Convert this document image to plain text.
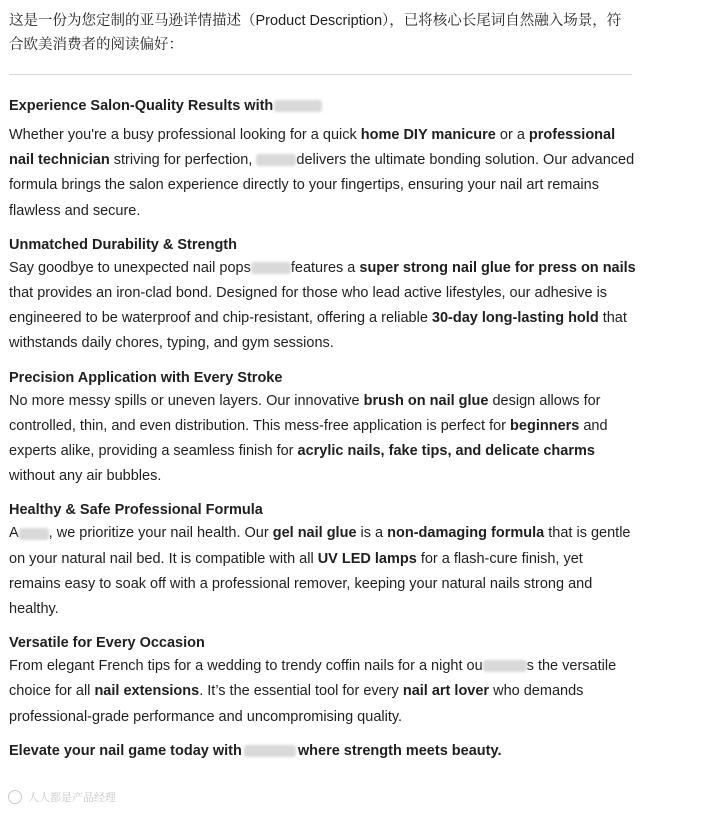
这是一份为您定制的亚马逊详情描述（Product Description），已将核心长尾词自然融入场景，符
合欧美消费者的阅读偏好：
Experience Salon-Quality Results with

Whether you're a busy professional looking for a quick home DIY manicure or a professional nail technician striving for perfection,	delivers the ultimate bonding solution. Our advanced formula brings the salon experience directly to your fingertips, ensuring your nail art remains flawless and secure.

Unmatched Durability & Strength

Say goodbye to unexpected nail pops	features a super strong nail glue for press on nails that provides an iron-clad bond. Designed for those who lead active lifestyles, our adhesive is engineered to be waterproof and chip-resistant, offering a reliable 30-day long-lasting hold that withstands daily chores, typing, and gym sessions.

Precision Application with Every Stroke

No more messy spills or uneven layers. Our innovative brush on nail glue design allows for controlled, thin, and even distribution. This mess-free application is perfect for beginners and experts alike, providing a seamless finish for acrylic nails, fake tips, and delicate charms without any air bubbles.

Healthy & Safe Professional Formula

A , we prioritize your nail health. Our gel nail glue is a non-damaging formula that is gentle on your natural nail bed. It is compatible with all UV LED lamps for a flash-cure finish, yet remains easy to soak off with a professional remover, keeping your natural nails strong and healthy.

Versatile for Every Occasion

From elegant French tips for a wedding to trendy coffin nails for a night ou	s the versatile choice for all nail extensions. It’s the essential tool for every nail art lover who demands professional-grade performance and uncompromising quality.

Elevate your nail game today with	where strength meets beauty.
人人都是产品经理
